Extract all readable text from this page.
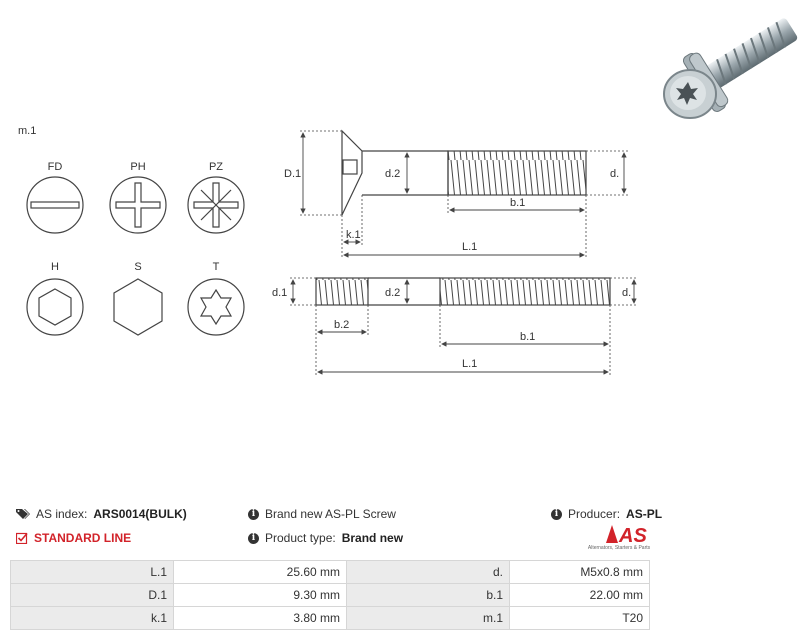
m.1
FD	PH	PZ
H	S	T
D.1	d.2	d.
b.1
k.1
L.1
d.1	d.2	d.
b.2
b.1
L.1
AS index: ARS0014(BULK)
STANDARD LINE
i Brand new AS-PL Screw
i Product type: Brand new
i Producer: AS-PL
AS
Alternators, Starters & Parts
L.1	25.60 mm	d.	M5x0.8 mm
D.1	9.30 mm	b.1	22.00 mm
k.1	3.80 mm	m.1	T20
